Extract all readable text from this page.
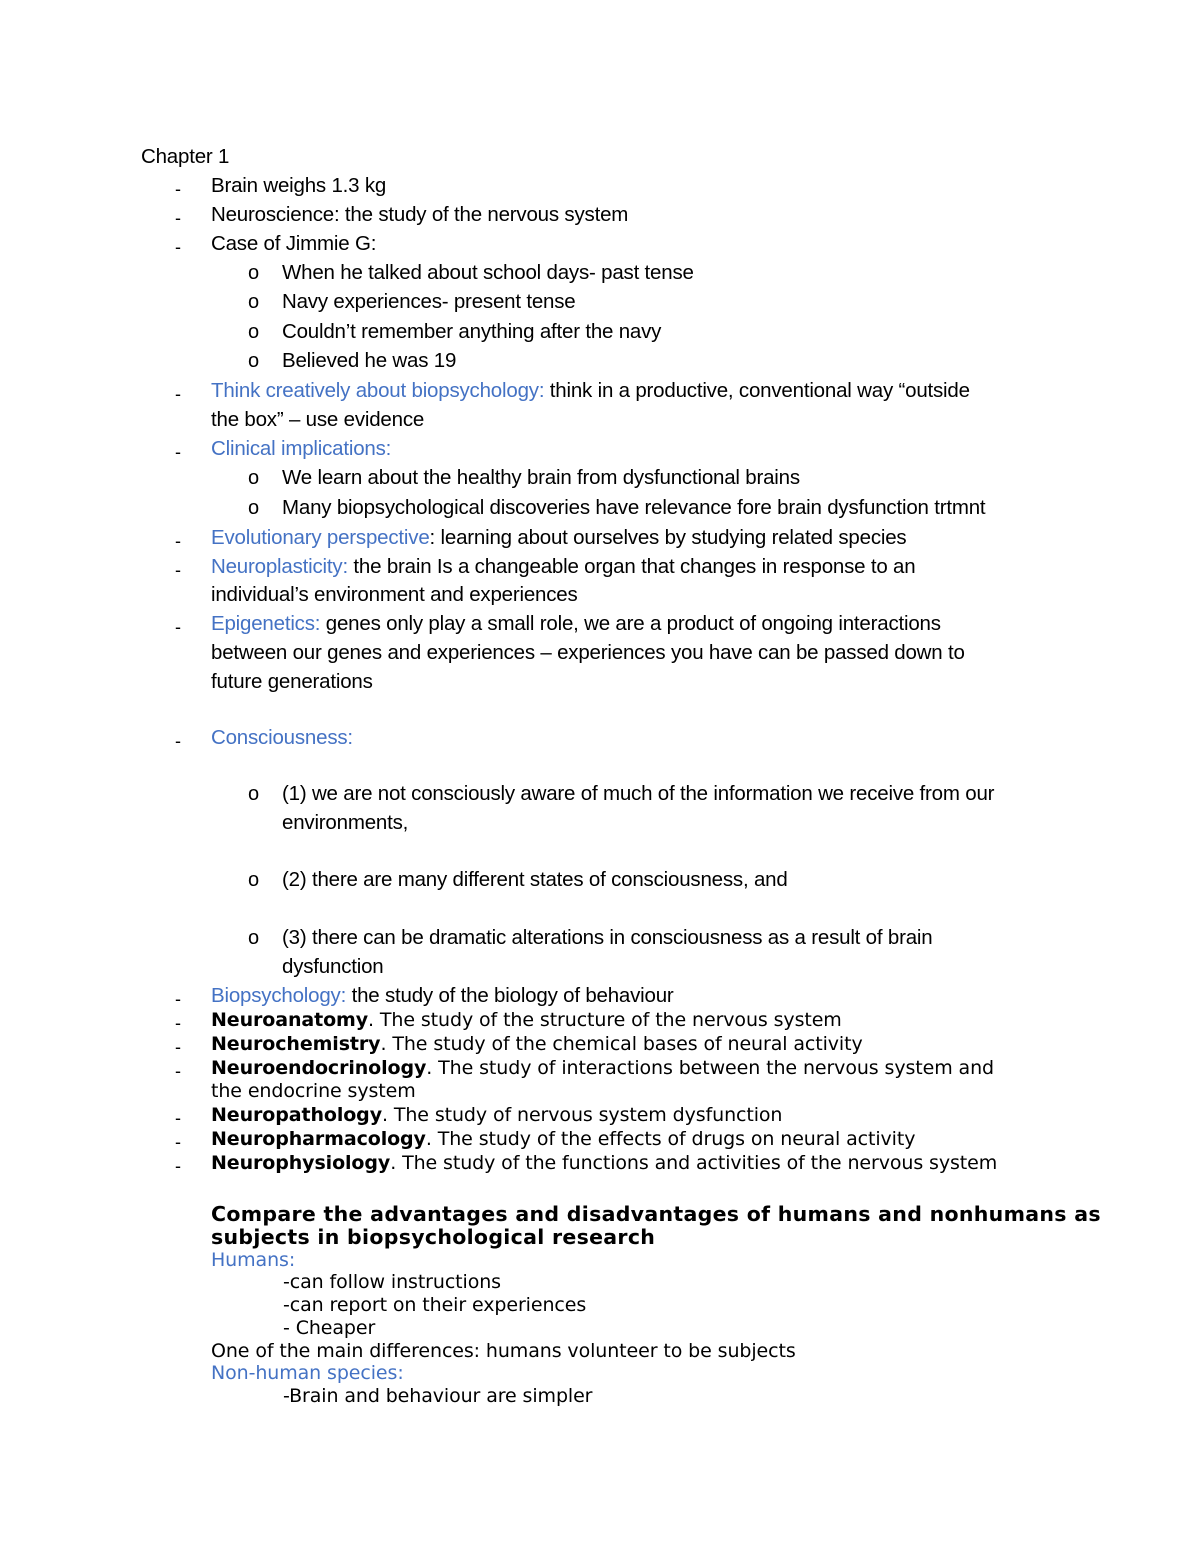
Chapter 1
- Brain weighs 1.3 kg
- Neuroscience: the study of the nervous system
- Case of Jimmie G:
o When he talked about school days- past tense
o Navy experiences- present tense
o Couldn’t remember anything after the navy
o Believed he was 19
- Think creatively about biopsychology: think in a productive, conventional way “outside
the box” – use evidence
- Clinical implications:
o We learn about the healthy brain from dysfunctional brains
o Many biopsychological discoveries have relevance fore brain dysfunction trtmnt
- Evolutionary perspective: learning about ourselves by studying related species
- Neuroplasticity: the brain Is a changeable organ that changes in response to an
individual’s environment and experiences
- Epigenetics: genes only play a small role, we are a product of ongoing interactions
between our genes and experiences – experiences you have can be passed down to
future generations
- Consciousness:
o (1) we are not consciously aware of much of the information we receive from our
environments,
o (2) there are many different states of consciousness, and
o (3) there can be dramatic alterations in consciousness as a result of brain
dysfunction
- Biopsychology: the study of the biology of behaviour
- Neuroanatomy. The study of the structure of the nervous system
- Neurochemistry. The study of the chemical bases of neural activity
- Neuroendocrinology. The study of interactions between the nervous system and
the endocrine system
- Neuropathology. The study of nervous system dysfunction
- Neuropharmacology. The study of the effects of drugs on neural activity
- Neurophysiology. The study of the functions and activities of the nervous system
Compare the advantages and disadvantages of humans and nonhumans as
subjects in biopsychological research
Humans:
-can follow instructions
-can report on their experiences
- Cheaper
One of the main differences: humans volunteer to be subjects
Non-human species:
-Brain and behaviour are simpler
